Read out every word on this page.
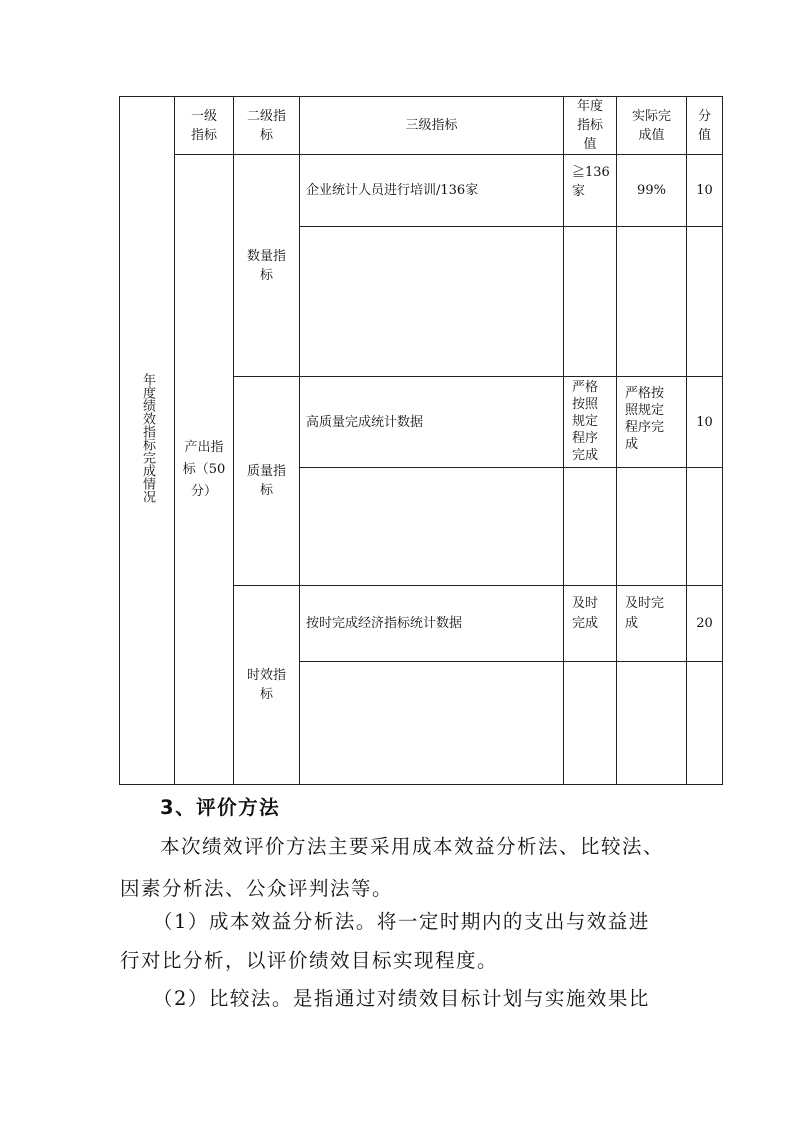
年度绩效指标完成情况	一级指标	二级指标	三级指标	年度指标值	实际完成值	分值

	产出指标（50分）	数量指标	企业统计人员进行培训/136家	≧136家	99%	10

		质量指标	高质量完成统计数据	严格按照规定程序完成	严格按照规定程序完成	10

		时效指标	按时完成经济指标统计数据	及时完成	及时完成	20

3、评价方法
本次绩效评价方法主要采用成本效益分析法、比较法、
因素分析法、公众评判法等。
（1）成本效益分析法。将一定时期内的支出与效益进
行对比分析，以评价绩效目标实现程度。
（2）比较法。是指通过对绩效目标计划与实施效果比
